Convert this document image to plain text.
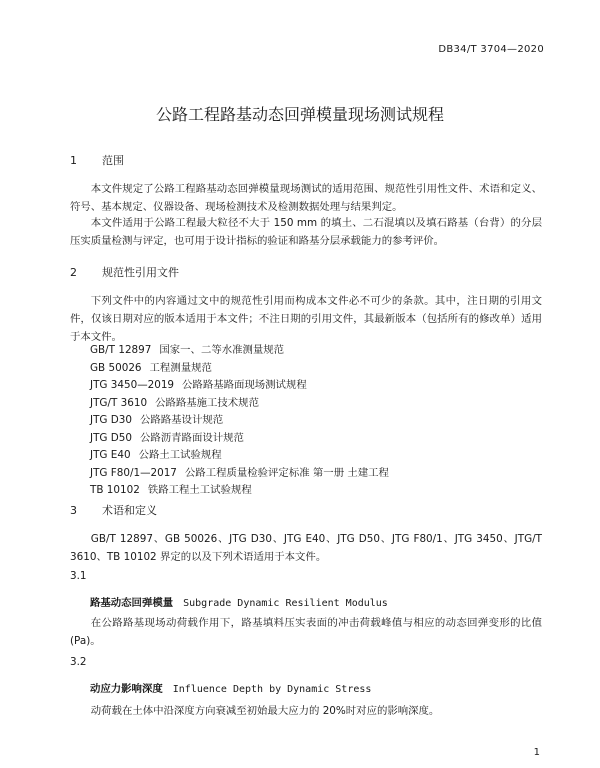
DB34/T 3704—2020
公路工程路基动态回弹模量现场测试规程
1 范围

本文件规定了公路工程路基动态回弹模量现场测试的适用范围、规范性引用性文件、术语和定义、符号、基本规定、仪器设备、现场检测技术及检测数据处理与结果判定。

本文件适用于公路工程最大粒径不大于 150 mm 的填土、二石混填以及填石路基（台背）的分层压实质量检测与评定，也可用于设计指标的验证和路基分层承载能力的参考评价。

2 规范性引用文件

下列文件中的内容通过文中的规范性引用而构成本文件必不可少的条款。其中，注日期的引用文件，仅该日期对应的版本适用于本文件；不注日期的引用文件，其最新版本（包括所有的修改单）适用于本文件。

GB/T 12897 国家一、二等水准测量规范
GB 50026 工程测量规范
JTG 3450—2019 公路路基路面现场测试规程
JTG/T 3610 公路路基施工技术规范
JTG D30 公路路基设计规范
JTG D50 公路沥青路面设计规范
JTG E40 公路土工试验规程
JTG F80/1—2017 公路工程质量检验评定标准 第一册 土建工程
TB 10102 铁路工程土工试验规程
3 术语和定义

GB/T 12897、GB 50026、JTG D30、JTG E40、JTG D50、JTG F80/1、JTG 3450、JTG/T 3610、TB 10102 界定的以及下列术语适用于本文件。

3.1
路基动态回弹模量 Subgrade Dynamic Resilient Modulus

在公路路基现场动荷载作用下，路基填料压实表面的冲击荷载峰值与相应的动态回弹变形的比值(Pa)。

3.2
动应力影响深度 Influence Depth by Dynamic Stress

动荷载在土体中沿深度方向衰减至初始最大应力的 20%时对应的影响深度。

1
